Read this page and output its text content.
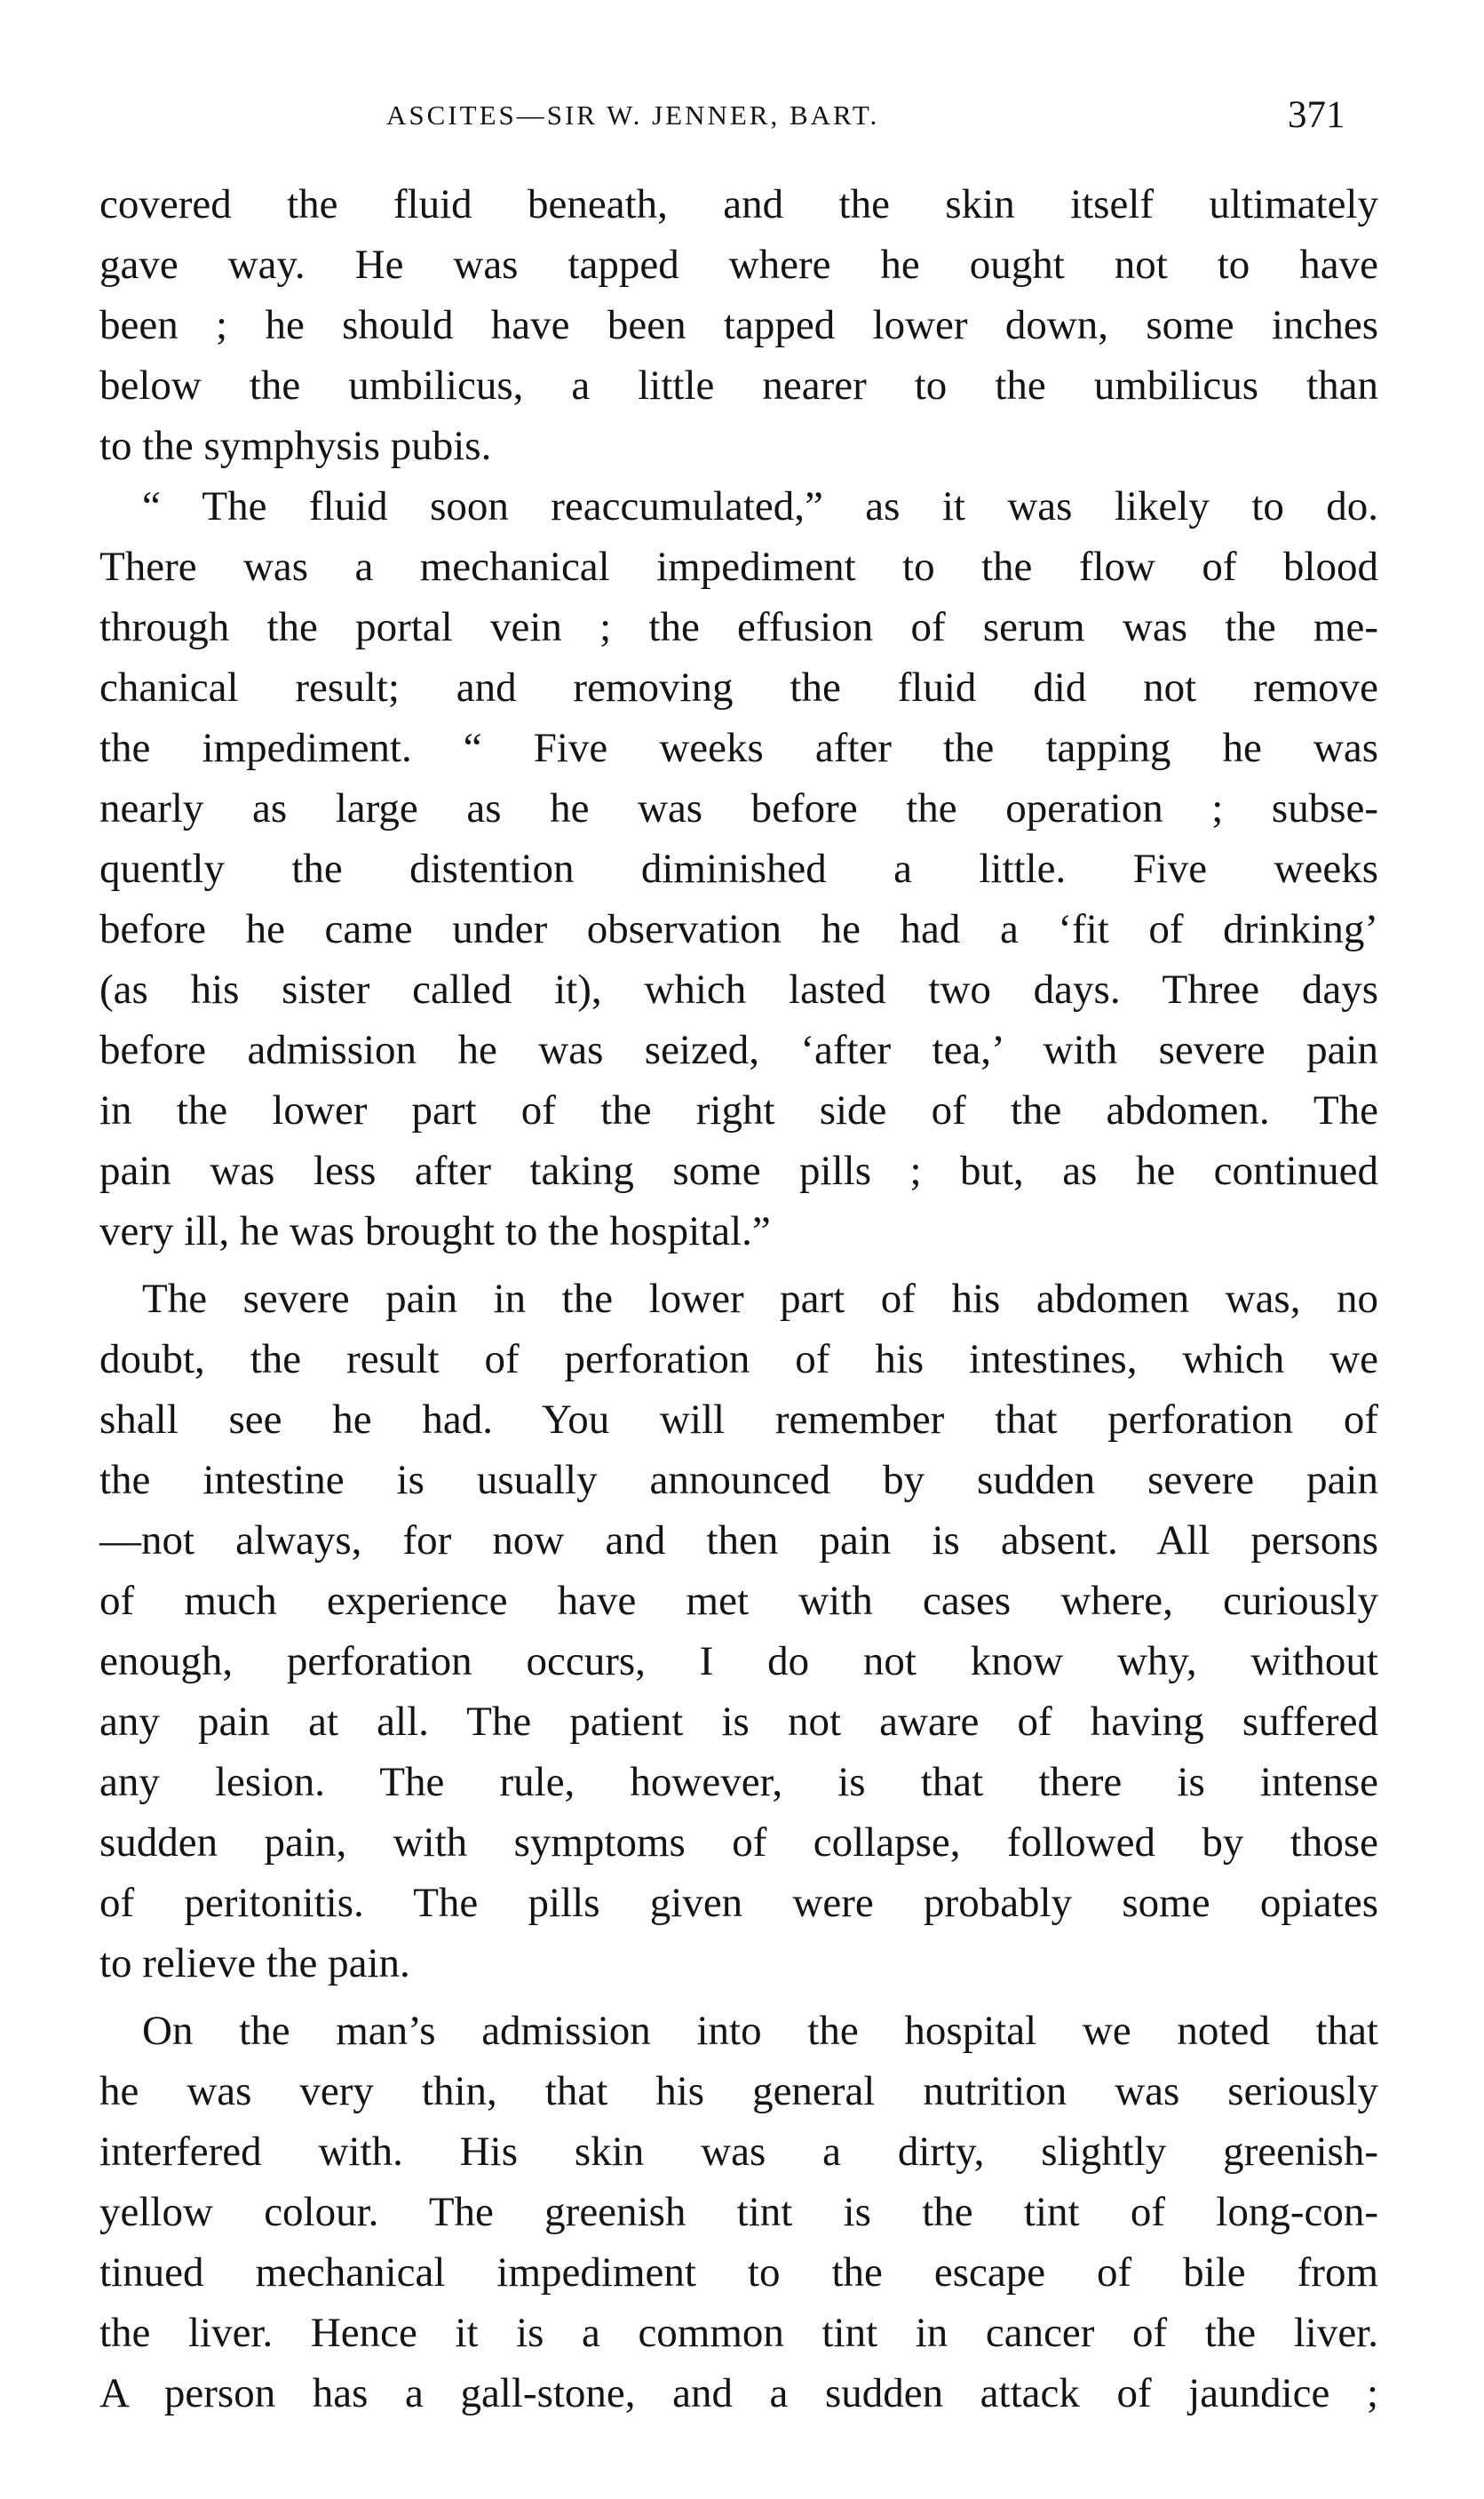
ASCITES—SIR W. JENNER, BART.	371
covered the fluid beneath, and the skin itself ultimately
gave way. He was tapped where he ought not to have
been ; he should have been tapped lower down, some inches
below the umbilicus, a little nearer to the umbilicus than
to the symphysis pubis.
“ The fluid soon reaccumulated,” as it was likely to do.
There was a mechanical impediment to the flow of blood
through the portal vein ; the effusion of serum was the me-
chanical result; and removing the fluid did not remove
the impediment. “ Five weeks after the tapping he was
nearly as large as he was before the operation ; subse-
quently the distention diminished a little. Five weeks
before he came under observation he had a ‘fit of drinking’
(as his sister called it), which lasted two days. Three days
before admission he was seized, ‘after tea,’ with severe pain
in the lower part of the right side of the abdomen. The
pain was less after taking some pills ; but, as he continued
very ill, he was brought to the hospital.”
The severe pain in the lower part of his abdomen was, no
doubt, the result of perforation of his intestines, which we
shall see he had. You will remember that perforation of
the intestine is usually announced by sudden severe pain
—not always, for now and then pain is absent. All persons
of much experience have met with cases where, curiously
enough, perforation occurs, I do not know why, without
any pain at all. The patient is not aware of having suffered
any lesion. The rule, however, is that there is intense
sudden pain, with symptoms of collapse, followed by those
of peritonitis. The pills given were probably some opiates
to relieve the pain.
On the man’s admission into the hospital we noted that
he was very thin, that his general nutrition was seriously
interfered with. His skin was a dirty, slightly greenish-
yellow colour. The greenish tint is the tint of long-con-
tinued mechanical impediment to the escape of bile from
the liver. Hence it is a common tint in cancer of the liver.
A person has a gall-stone, and a sudden attack of jaundice ;
